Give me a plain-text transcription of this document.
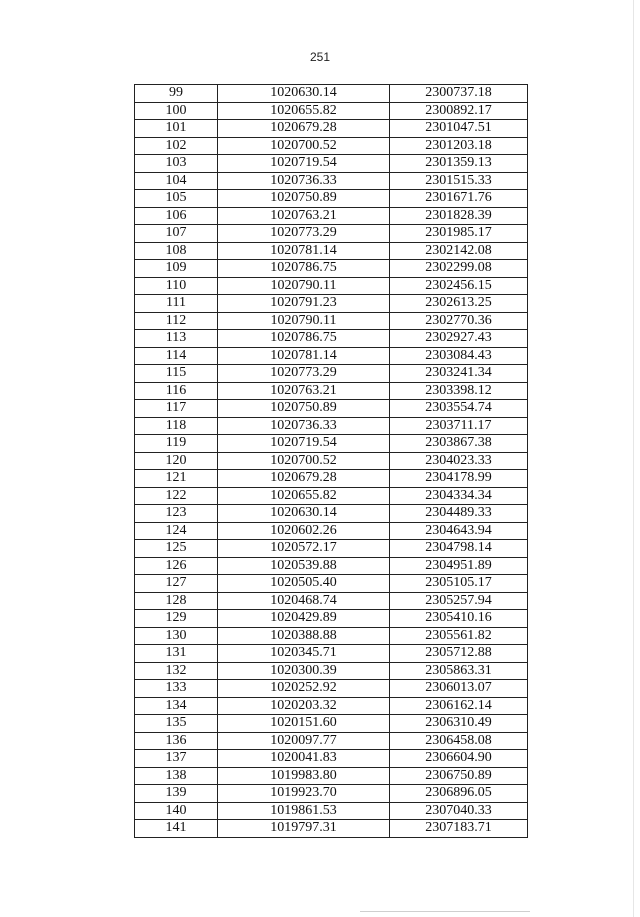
251
99	1020630.14	2300737.18
100	1020655.82	2300892.17
101	1020679.28	2301047.51
102	1020700.52	2301203.18
103	1020719.54	2301359.13
104	1020736.33	2301515.33
105	1020750.89	2301671.76
106	1020763.21	2301828.39
107	1020773.29	2301985.17
108	1020781.14	2302142.08
109	1020786.75	2302299.08
110	1020790.11	2302456.15
111	1020791.23	2302613.25
112	1020790.11	2302770.36
113	1020786.75	2302927.43
114	1020781.14	2303084.43
115	1020773.29	2303241.34
116	1020763.21	2303398.12
117	1020750.89	2303554.74
118	1020736.33	2303711.17
119	1020719.54	2303867.38
120	1020700.52	2304023.33
121	1020679.28	2304178.99
122	1020655.82	2304334.34
123	1020630.14	2304489.33
124	1020602.26	2304643.94
125	1020572.17	2304798.14
126	1020539.88	2304951.89
127	1020505.40	2305105.17
128	1020468.74	2305257.94
129	1020429.89	2305410.16
130	1020388.88	2305561.82
131	1020345.71	2305712.88
132	1020300.39	2305863.31
133	1020252.92	2306013.07
134	1020203.32	2306162.14
135	1020151.60	2306310.49
136	1020097.77	2306458.08
137	1020041.83	2306604.90
138	1019983.80	2306750.89
139	1019923.70	2306896.05
140	1019861.53	2307040.33
141	1019797.31	2307183.71
